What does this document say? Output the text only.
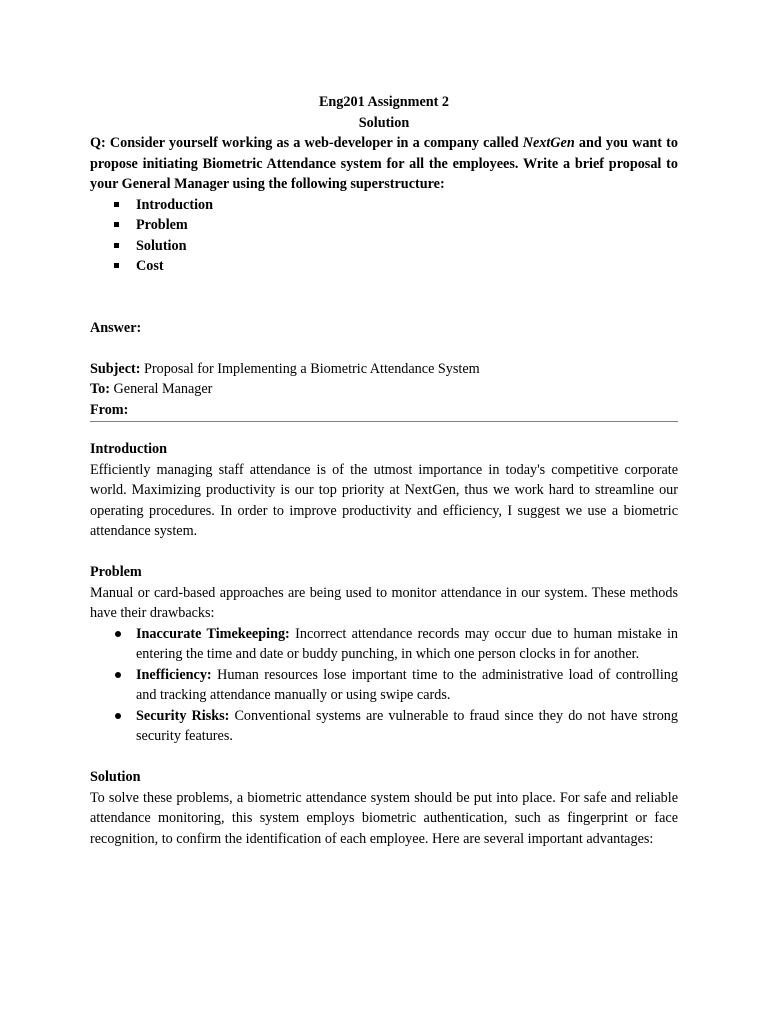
Eng201 Assignment 2
Solution
Q: Consider yourself working as a web-developer in a company called NextGen and you want to propose initiating Biometric Attendance system for all the employees. Write a brief proposal to your General Manager using the following superstructure:
Introduction
Problem
Solution
Cost
Answer:
Subject: Proposal for Implementing a Biometric Attendance System
To: General Manager
From:
Introduction
Efficiently managing staff attendance is of the utmost importance in today's competitive corporate world. Maximizing productivity is our top priority at NextGen, thus we work hard to streamline our operating procedures. In order to improve productivity and efficiency, I suggest we use a biometric attendance system.
Problem
Manual or card-based approaches are being used to monitor attendance in our system. These methods have their drawbacks:
Inaccurate Timekeeping: Incorrect attendance records may occur due to human mistake in entering the time and date or buddy punching, in which one person clocks in for another.
Inefficiency: Human resources lose important time to the administrative load of controlling and tracking attendance manually or using swipe cards.
Security Risks: Conventional systems are vulnerable to fraud since they do not have strong security features.
Solution
To solve these problems, a biometric attendance system should be put into place. For safe and reliable attendance monitoring, this system employs biometric authentication, such as fingerprint or face recognition, to confirm the identification of each employee. Here are several important advantages:
